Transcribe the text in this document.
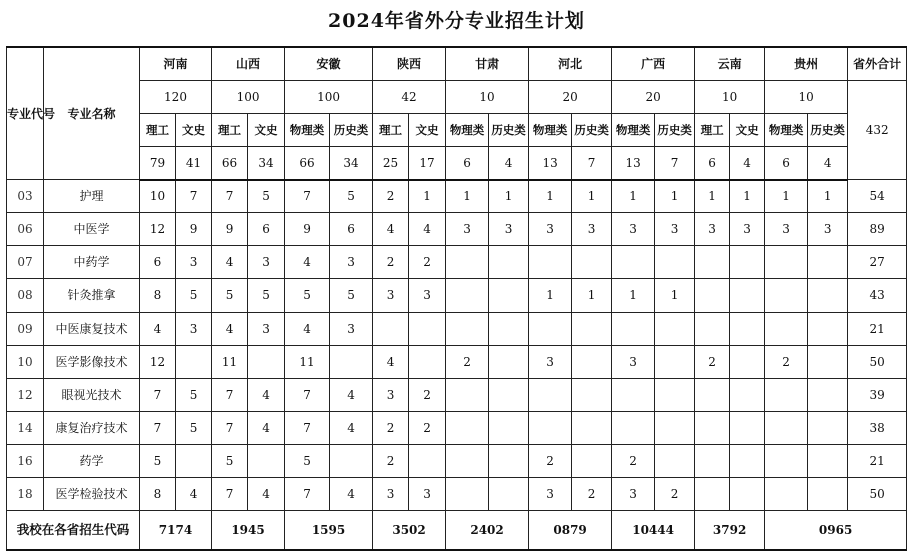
2024年省外分专业招生计划
专业代号	专业名称	河南		山西		安徽		陕西		甘肃		河北		广西		云南		贵州		省外合计
		120		100		100		42		10		20		20		10		10		432
		理工	文史	理工	文史	物理类	历史类	理工	文史	物理类	历史类	物理类	历史类	物理类	历史类	理工	文史	物理类	历史类	
		79	41	66	34	66	34	25	17	6	4	13	7	13	7	6	4	6	4	
03	护理	10	7	7	5	7	5	2	1	1	1	1	1	1	1	1	1	1	1	54
06	中医学	12	9	9	6	9	6	4	4	3	3	3	3	3	3	3	3	3	3	89
07	中药学	6	3	4	3	4	3	2	2											27
08	针灸推拿	8	5	5	5	5	5	3	3			1	1	1	1					43
09	中医康复技术	4	3	4	3	4	3													21
10	医学影像技术	12		11		11		4		2		3		3		2		2		50
12	眼视光技术	7	5	7	4	7	4	3	2											39
14	康复治疗技术	7	5	7	4	7	4	2	2											38
16	药学	5		5		5		2				2		2						21
18	医学检验技术	8	4	7	4	7	4	3	3			3	2	3	2					50
我校在各省招生代码		7174		1945		1595		3502		2402		0879		10444		3792		0965		
